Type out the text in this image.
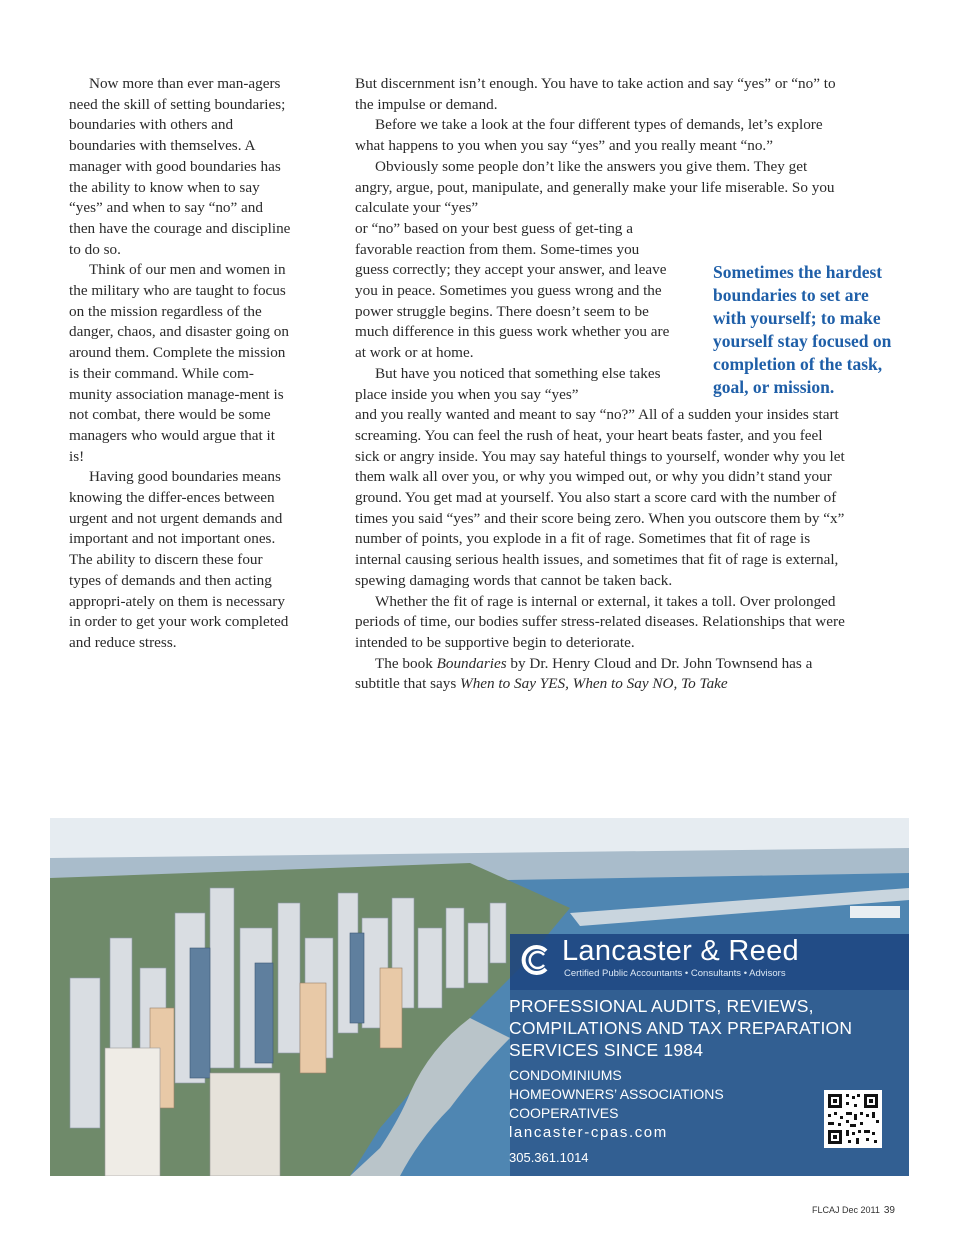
Now more than ever man-agers need the skill of setting boundaries; boundaries with others and boundaries with themselves. A manager with good boundaries has the ability to know when to say “yes” and when to say “no” and then have the courage and discipline to do so.

Think of our men and women in the military who are taught to focus on the mission regardless of the danger, chaos, and disaster going on around them. Complete the mission is their command. While com-munity association manage-ment is not combat, there would be some managers who would argue that it is!

Having good boundaries means knowing the differ-ences between urgent and not urgent demands and important and not important ones. The ability to discern these four types of demands and then acting appropri-ately on them is necessary in order to get your work completed and reduce stress.

But discernment isn’t enough. You have to take action and say “yes” or “no” to the impulse or demand.

Before we take a look at the four different types of demands, let’s explore what happens to you when you say “yes” and you really meant “no.”

Obviously some people don’t like the answers you give them. They get angry, argue, pout, manipulate, and generally make your life miserable. So you calculate your “yes”

or “no” based on your best guess of get-ting a favorable reaction from them. Some-times you guess correctly; they accept your answer, and leave you in peace. Sometimes you guess wrong and the power struggle begins. There doesn’t seem to be much difference in this guess work whether you are at work or at home.

But have you noticed that something else takes place inside you when you say “yes”

and you really wanted and meant to say “no?” All of a sudden your insides start screaming. You can feel the rush of heat, your heart beats faster, and you feel sick or angry inside. You may say hateful things to yourself, wonder why you let them walk all over you, or why you wimped out, or why you didn’t stand your ground. You get mad at yourself. You also start a score card with the number of times you said “yes” and their score being zero. When you outscore them by “x” number of points, you explode in a fit of rage. Sometimes that fit of rage is internal causing serious health issues, and sometimes that fit of rage is external, spewing damaging words that cannot be taken back.

Whether the fit of rage is internal or external, it takes a toll. Over prolonged periods of time, our bodies suffer stress-related diseases. Relationships that were intended to be supportive begin to deteriorate.

The book Boundaries by Dr. Henry Cloud and Dr. John Townsend has a subtitle that says When to Say YES, When to Say NO, To Take

Sometimes the hardest boundaries to set are with yourself; to make yourself stay focused on completion of the task, goal, or mission.
Lancaster & Reed
Certified Public Accountants • Consultants • Advisors
PROFESSIONAL AUDITS, REVIEWS,
COMPILATIONS AND TAX PREPARATION
SERVICES SINCE 1984
CONDOMINIUMS
HOMEOWNERS’ ASSOCIATIONS
COOPERATIVES
lancaster-cpas.com
305.361.1014
FLCAJ Dec 2011 39
